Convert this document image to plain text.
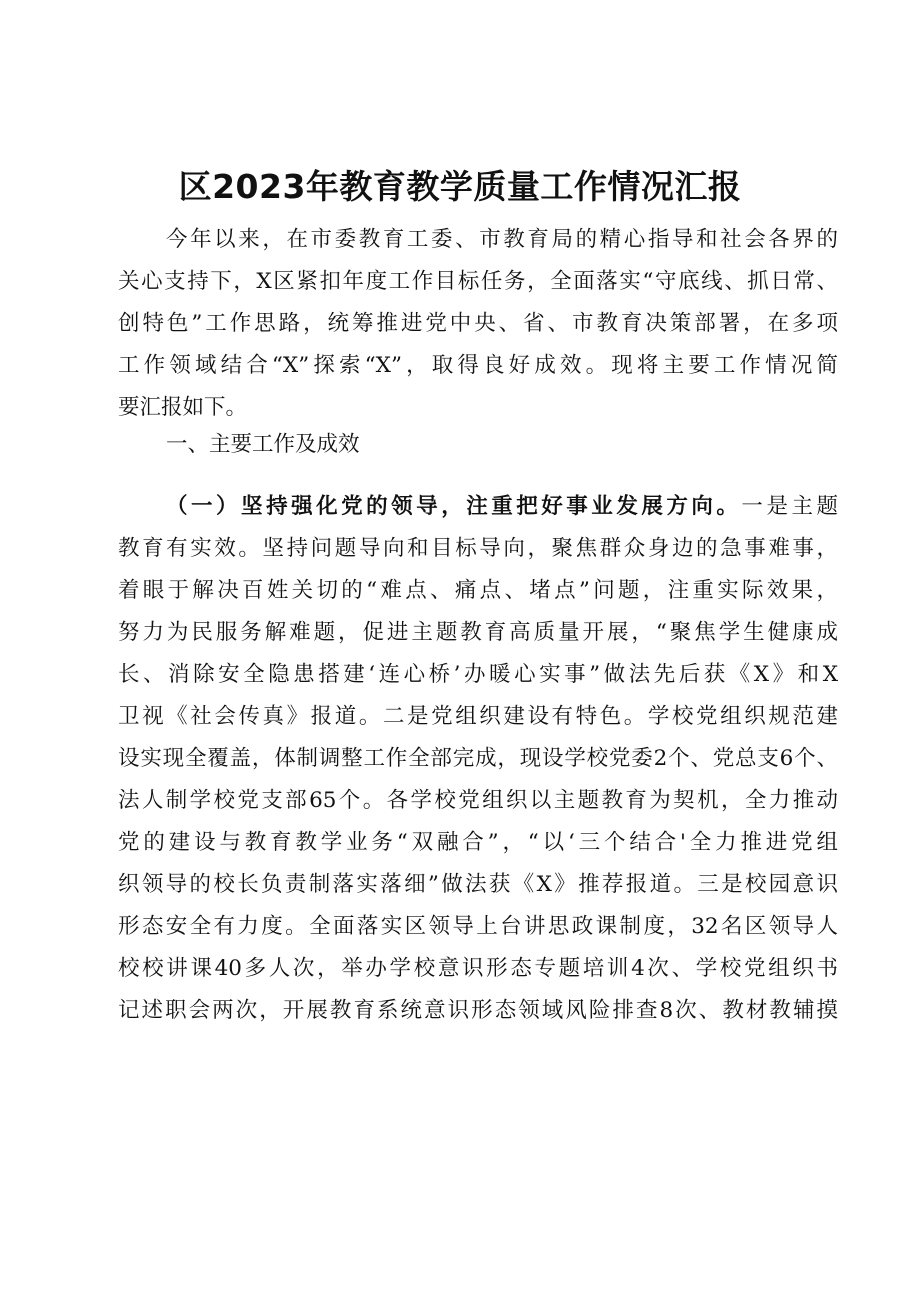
区2023年教育教学质量工作情况汇报
今年以来，在市委教育工委、市教育局的精心指导和社会各界的
关心支持下，X区紧扣年度工作目标任务，全面落实“守底线、抓日常、
创特色”工作思路，统筹推进党中央、省、市教育决策部署，在多项
工作领域结合“X”探索“X”，取得良好成效。现将主要工作情况简
要汇报如下。
一、主要工作及成效
（一）坚持强化党的领导，注重把好事业发展方向。一是主题
教育有实效。坚持问题导向和目标导向，聚焦群众身边的急事难事，
着眼于解决百姓关切的“难点、痛点、堵点”问题，注重实际效果，
努力为民服务解难题，促进主题教育高质量开展，“聚焦学生健康成
长、消除安全隐患搭建‘连心桥’办暖心实事”做法先后获《X》和X
卫视《社会传真》报道。二是党组织建设有特色。学校党组织规范建
设实现全覆盖，体制调整工作全部完成，现设学校党委2个、党总支6个、
法人制学校党支部65个。各学校党组织以主题教育为契机，全力推动
党的建设与教育教学业务“双融合”，“以‘三个结合'全力推进党组
织领导的校长负责制落实落细”做法获《X》推荐报道。三是校园意识
形态安全有力度。全面落实区领导上台讲思政课制度，32名区领导人
校校讲课40多人次，举办学校意识形态专题培训4次、学校党组织书
记述职会两次，开展教育系统意识形态领域风险排查8次、教材教辅摸
